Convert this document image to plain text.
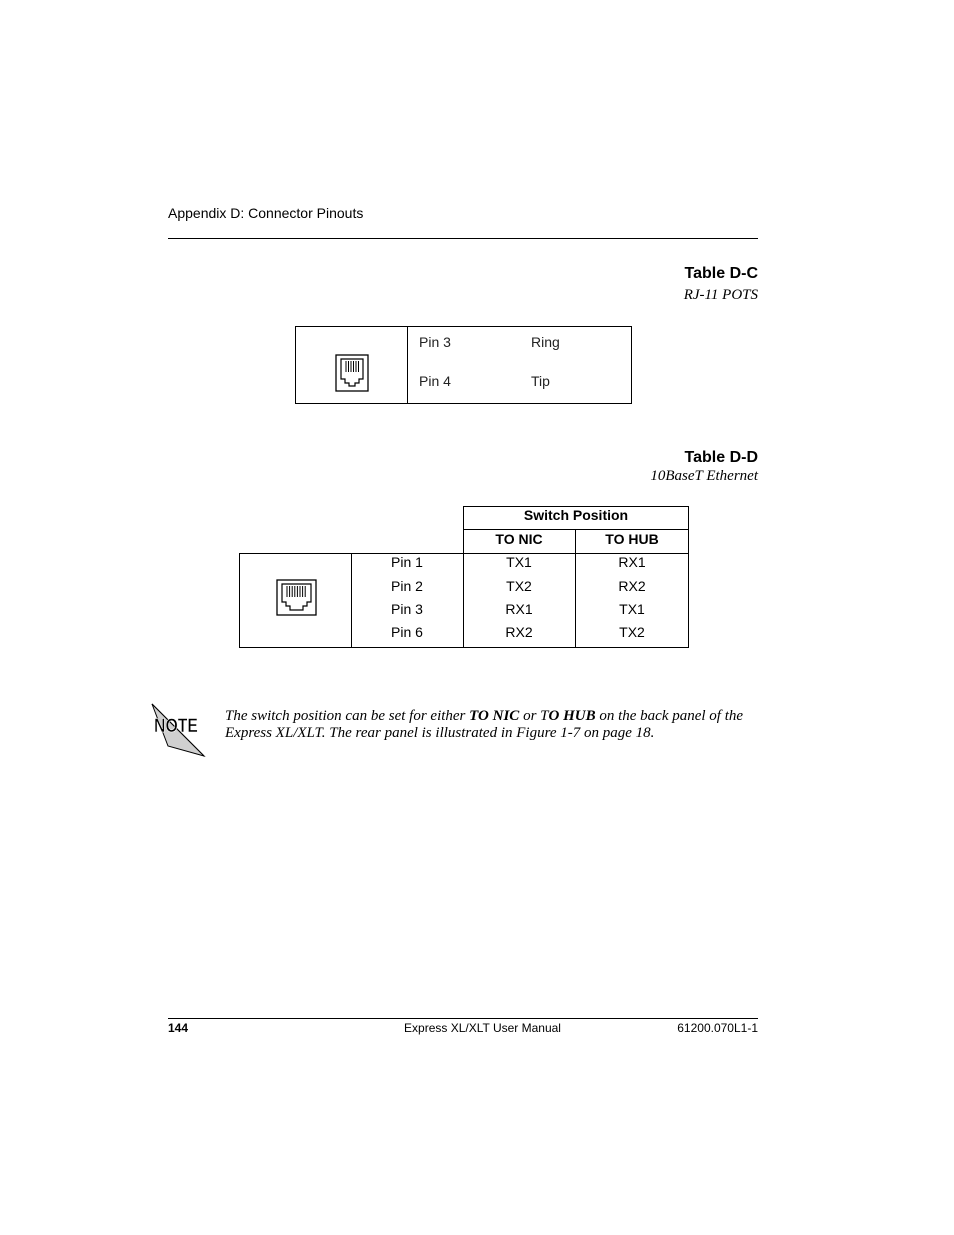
Appendix D: Connector Pinouts
Table D-C
RJ-11 POTS
Pin 3	Ring
Pin 4	Tip
Table D-D
10BaseT Ethernet
Switch Position
TO NIC	TO HUB
Pin 1	TX1	RX1
Pin 2	TX2	RX2
Pin 3	RX1	TX1
Pin 6	RX2	TX2
NOTE The switch position can be set for either TO NIC or TO HUB on the back panel of the Express XL/XLT. The rear panel is illustrated in Figure 1-7 on page 18.
144	Express XL/XLT User Manual	61200.070L1-1
